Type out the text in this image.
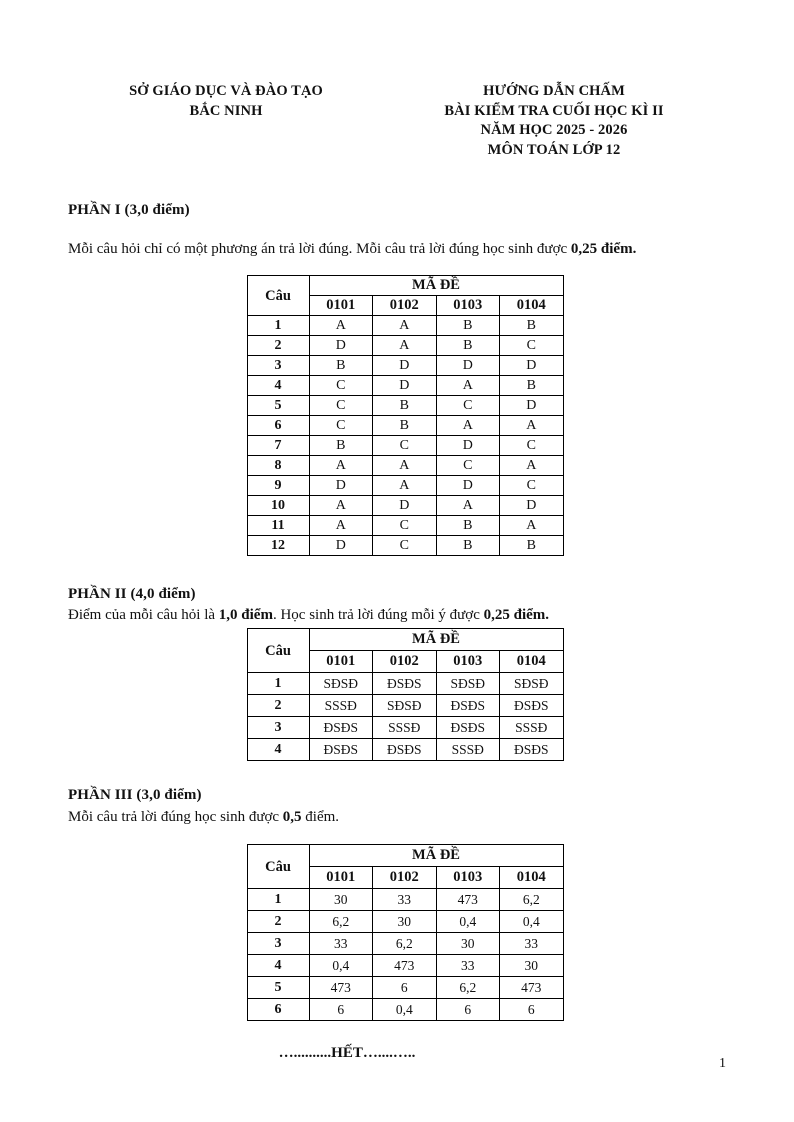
SỞ GIÁO DỤC VÀ ĐÀO TẠO
BẮC NINH
HƯỚNG DẪN CHẤM
BÀI KIỂM TRA CUỐI HỌC KÌ II
NĂM HỌC 2025 - 2026
MÔN TOÁN LỚP 12

PHẦN I (3,0 điểm)

Mỗi câu hỏi chỉ có một phương án trả lời đúng. Mỗi câu trả lời đúng học sinh được 0,25 điểm.

Câu	MÃ ĐỀ			
	0101	0102	0103	0104
1	A	A	B	B
2	D	A	B	C
3	B	D	D	D
4	C	D	A	B
5	C	B	C	D
6	C	B	A	A
7	B	C	D	C
8	A	A	C	A
9	D	A	D	C
10	A	D	A	D
11	A	C	B	A
12	D	C	B	B

PHẦN II (4,0 điểm)

Điểm của mỗi câu hỏi là 1,0 điểm. Học sinh trả lời đúng mỗi ý được 0,25 điểm.

Câu	MÃ ĐỀ			
	0101	0102	0103	0104
1	SĐSĐ	ĐSĐS	SĐSĐ	SĐSĐ
2	SSSĐ	SĐSĐ	ĐSĐS	ĐSĐS
3	ĐSĐS	SSSĐ	ĐSĐS	SSSĐ
4	ĐSĐS	ĐSĐS	SSSĐ	ĐSĐS

PHẦN III (3,0 điểm)

Mỗi câu trả lời đúng học sinh được 0,5 điểm.

Câu	MÃ ĐỀ			
	0101	0102	0103	0104
1	30	33	473	6,2
2	6,2	30	0,4	0,4
3	33	6,2	30	33
4	0,4	473	33	30
5	473	6	6,2	473
6	6	0,4	6	6
…..........HẾT…....…..
1
